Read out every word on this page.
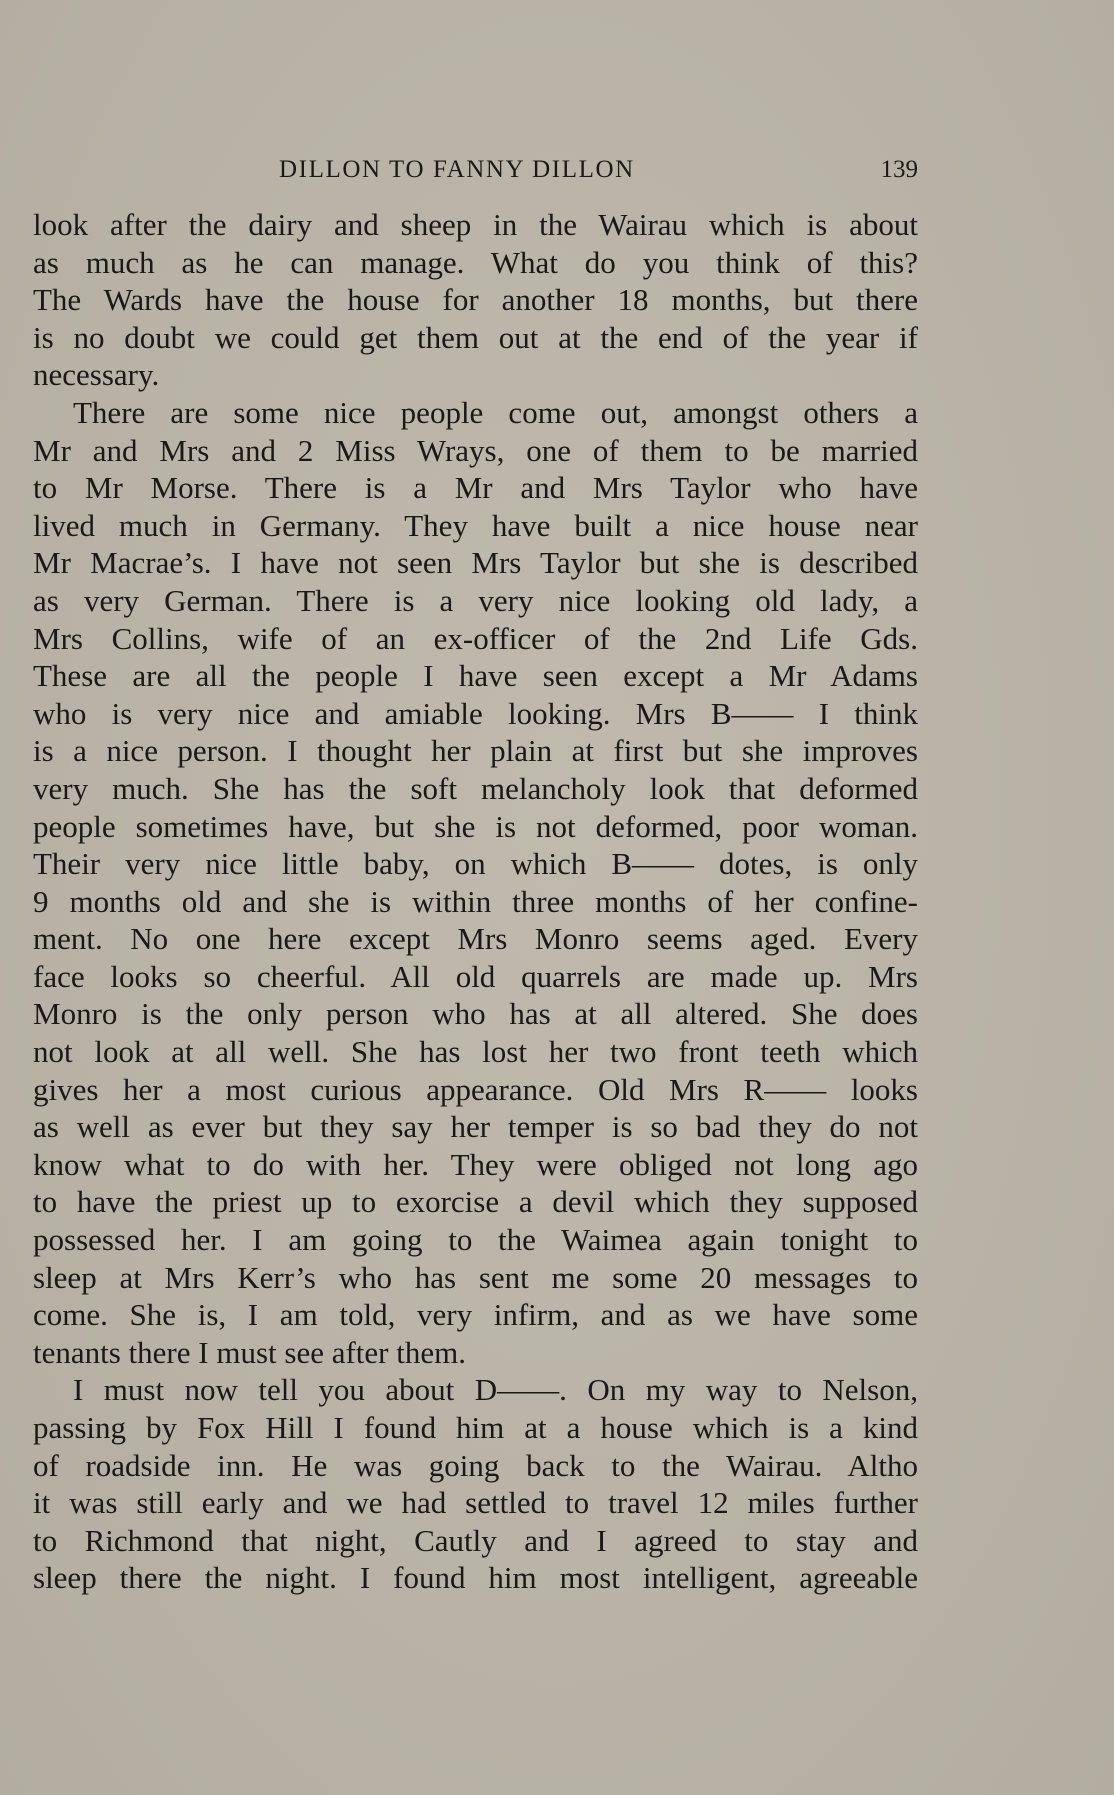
DILLON TO FANNY DILLON	139
look after the dairy and sheep in the Wairau which is about
as much as he can manage. What do you think of this?
The Wards have the house for another 18 months, but there
is no doubt we could get them out at the end of the year if
necessary.
There are some nice people come out, amongst others a
Mr and Mrs and 2 Miss Wrays, one of them to be married
to Mr Morse. There is a Mr and Mrs Taylor who have
lived much in Germany. They have built a nice house near
Mr Macrae’s. I have not seen Mrs Taylor but she is described
as very German. There is a very nice looking old lady, a
Mrs Collins, wife of an ex-officer of the 2nd Life Gds.
These are all the people I have seen except a Mr Adams
who is very nice and amiable looking. Mrs B—— I think
is a nice person. I thought her plain at first but she improves
very much. She has the soft melancholy look that deformed
people sometimes have, but she is not deformed, poor woman.
Their very nice little baby, on which B—— dotes, is only
9 months old and she is within three months of her confine-
ment. No one here except Mrs Monro seems aged. Every
face looks so cheerful. All old quarrels are made up. Mrs
Monro is the only person who has at all altered. She does
not look at all well. She has lost her two front teeth which
gives her a most curious appearance. Old Mrs R—— looks
as well as ever but they say her temper is so bad they do not
know what to do with her. They were obliged not long ago
to have the priest up to exorcise a devil which they supposed
possessed her. I am going to the Waimea again tonight to
sleep at Mrs Kerr’s who has sent me some 20 messages to
come. She is, I am told, very infirm, and as we have some
tenants there I must see after them.
I must now tell you about D——. On my way to Nelson,
passing by Fox Hill I found him at a house which is a kind
of roadside inn. He was going back to the Wairau. Altho
it was still early and we had settled to travel 12 miles further
to Richmond that night, Cautly and I agreed to stay and
sleep there the night. I found him most intelligent, agreeable
